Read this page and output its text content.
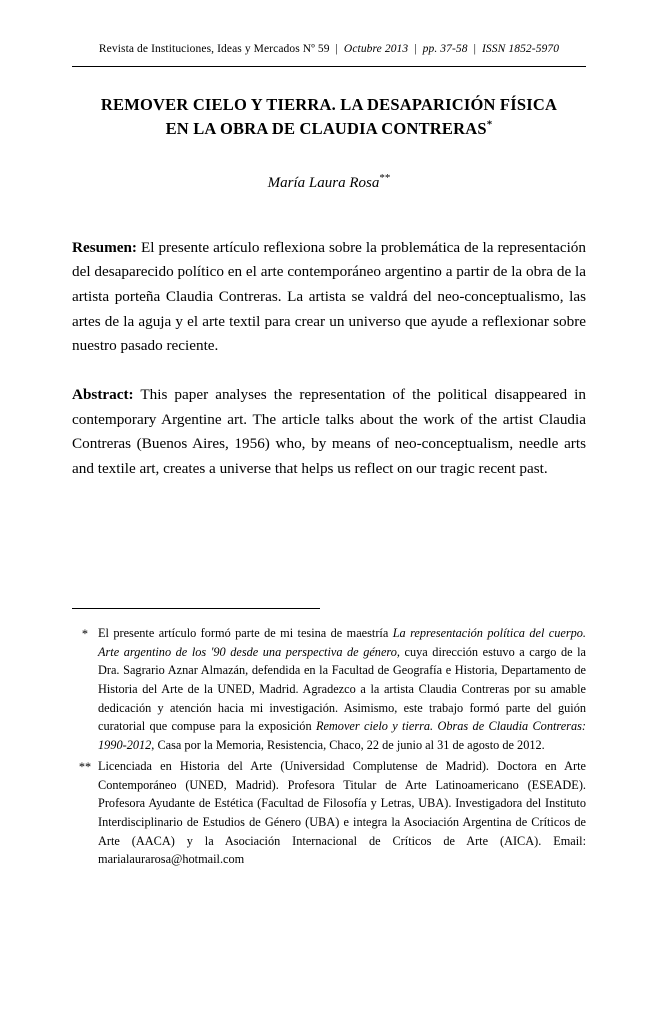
Revista de Instituciones, Ideas y Mercados Nº 59 | Octubre 2013 | pp. 37-58 | ISSN 1852-5970
REMOVER CIELO Y TIERRA. LA DESAPARICIÓN FÍSICA
EN LA OBRA DE CLAUDIA CONTRERAS*
María Laura Rosa**
Resumen: El presente artículo reflexiona sobre la problemática de la representación del desaparecido político en el arte contemporáneo argentino a partir de la obra de la artista porteña Claudia Contreras. La artista se valdrá del neo-conceptualismo, las artes de la aguja y el arte textil para crear un universo que ayude a reflexionar sobre nuestro pasado reciente.
Abstract: This paper analyses the representation of the political disappeared in contemporary Argentine art. The article talks about the work of the artist Claudia Contreras (Buenos Aires, 1956) who, by means of neo-conceptualism, needle arts and textile art, creates a universe that helps us reflect on our tragic recent past.
* El presente artículo formó parte de mi tesina de maestría La representación política del cuerpo. Arte argentino de los '90 desde una perspectiva de género, cuya dirección estuvo a cargo de la Dra. Sagrario Aznar Almazán, defendida en la Facultad de Geografía e Historia, Departamento de Historia del Arte de la UNED, Madrid. Agradezco a la artista Claudia Contreras por su amable dedicación y atención hacia mi investigación. Asimismo, este trabajo formó parte del guión curatorial que compuse para la exposición Remover cielo y tierra. Obras de Claudia Contreras: 1990-2012, Casa por la Memoria, Resistencia, Chaco, 22 de junio al 31 de agosto de 2012.
** Licenciada en Historia del Arte (Universidad Complutense de Madrid). Doctora en Arte Contemporáneo (UNED, Madrid). Profesora Titular de Arte Latinoamericano (ESEADE). Profesora Ayudante de Estética (Facultad de Filosofía y Letras, UBA). Investigadora del Instituto Interdisciplinario de Estudios de Género (UBA) e integra la Asociación Argentina de Críticos de Arte (AACA) y la Asociación Internacional de Críticos de Arte (AICA). Email: marialaurarosa@hotmail.com
